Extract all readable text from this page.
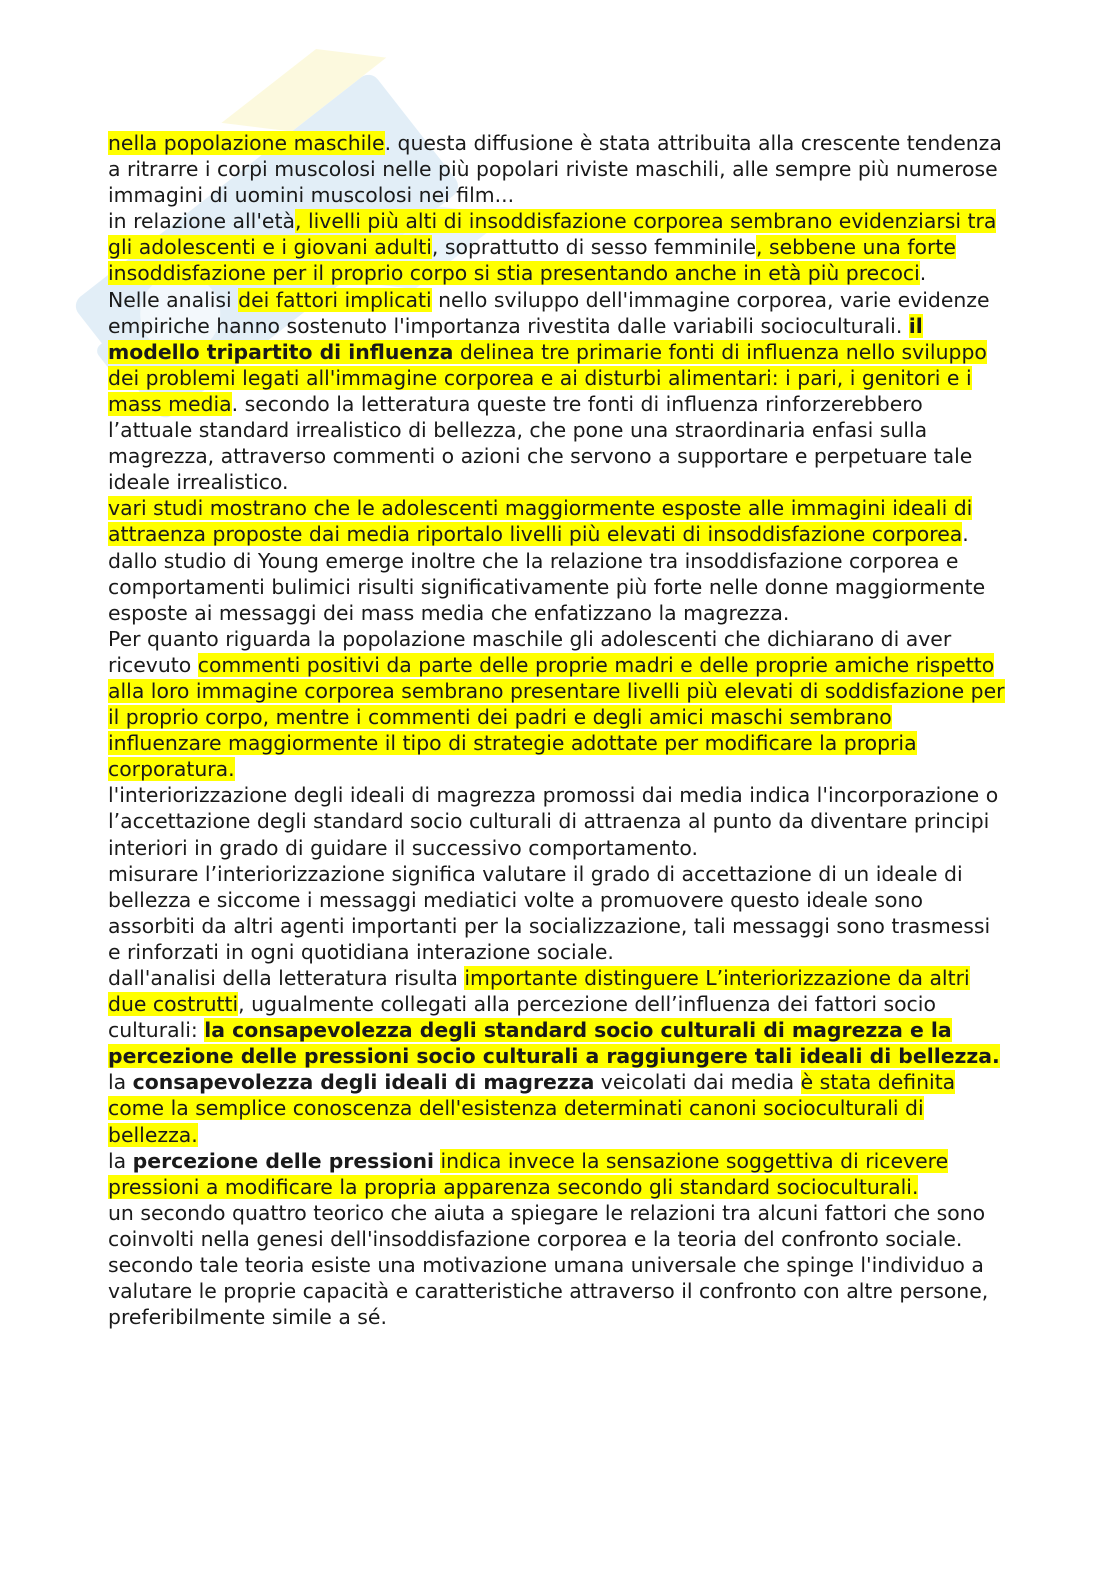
nella popolazione maschile. questa diffusione è stata attribuita alla crescente tendenza a ritrarre i corpi muscolosi nelle più popolari riviste maschili, alle sempre più numerose immagini di uomini muscolosi nei film...
in relazione all'età, livelli più alti di insoddisfazione corporea sembrano evidenziarsi tra gli adolescenti e i giovani adulti, soprattutto di sesso femminile, sebbene una forte insoddisfazione per il proprio corpo si stia presentando anche in età più precoci.
Nelle analisi dei fattori implicati nello sviluppo dell'immagine corporea, varie evidenze empiriche hanno sostenuto l'importanza rivestita dalle variabili socioculturali. il modello tripartito di influenza delinea tre primarie fonti di influenza nello sviluppo dei problemi legati all'immagine corporea e ai disturbi alimentari: i pari, i genitori e i mass media. secondo la letteratura queste tre fonti di influenza rinforzerebbero l’attuale standard irrealistico di bellezza, che pone una straordinaria enfasi sulla magrezza, attraverso commenti o azioni che servono a supportare e perpetuare tale ideale irrealistico.
vari studi mostrano che le adolescenti maggiormente esposte alle immagini ideali di attraenza proposte dai media riportalo livelli più elevati di insoddisfazione corporea. dallo studio di Young emerge inoltre che la relazione tra insoddisfazione corporea e comportamenti bulimici risulti significativamente più forte nelle donne maggiormente esposte ai messaggi dei mass media che enfatizzano la magrezza.
Per quanto riguarda la popolazione maschile gli adolescenti che dichiarano di aver ricevuto commenti positivi da parte delle proprie madri e delle proprie amiche rispetto alla loro immagine corporea sembrano presentare livelli più elevati di soddisfazione per il proprio corpo, mentre i commenti dei padri e degli amici maschi sembrano influenzare maggiormente il tipo di strategie adottate per modificare la propria corporatura.
l'interiorizzazione degli ideali di magrezza promossi dai media indica l'incorporazione o l’accettazione degli standard socio culturali di attraenza al punto da diventare principi interiori in grado di guidare il successivo comportamento.
misurare l’interiorizzazione significa valutare il grado di accettazione di un ideale di bellezza e siccome i messaggi mediatici volte a promuovere questo ideale sono assorbiti da altri agenti importanti per la socializzazione, tali messaggi sono trasmessi e rinforzati in ogni quotidiana interazione sociale.
dall'analisi della letteratura risulta importante distinguere L’interiorizzazione da altri due costrutti, ugualmente collegati alla percezione dell’influenza dei fattori socio culturali: la consapevolezza degli standard socio culturali di magrezza e la percezione delle pressioni socio culturali a raggiungere tali ideali di bellezza.
la consapevolezza degli ideali di magrezza veicolati dai media è stata definita come la semplice conoscenza dell'esistenza determinati canoni socioculturali di bellezza.
la percezione delle pressioni indica invece la sensazione soggettiva di ricevere pressioni a modificare la propria apparenza secondo gli standard socioculturali.
un secondo quattro teorico che aiuta a spiegare le relazioni tra alcuni fattori che sono coinvolti nella genesi dell'insoddisfazione corporea e la teoria del confronto sociale. secondo tale teoria esiste una motivazione umana universale che spinge l'individuo a valutare le proprie capacità e caratteristiche attraverso il confronto con altre persone, preferibilmente simile a sé.
